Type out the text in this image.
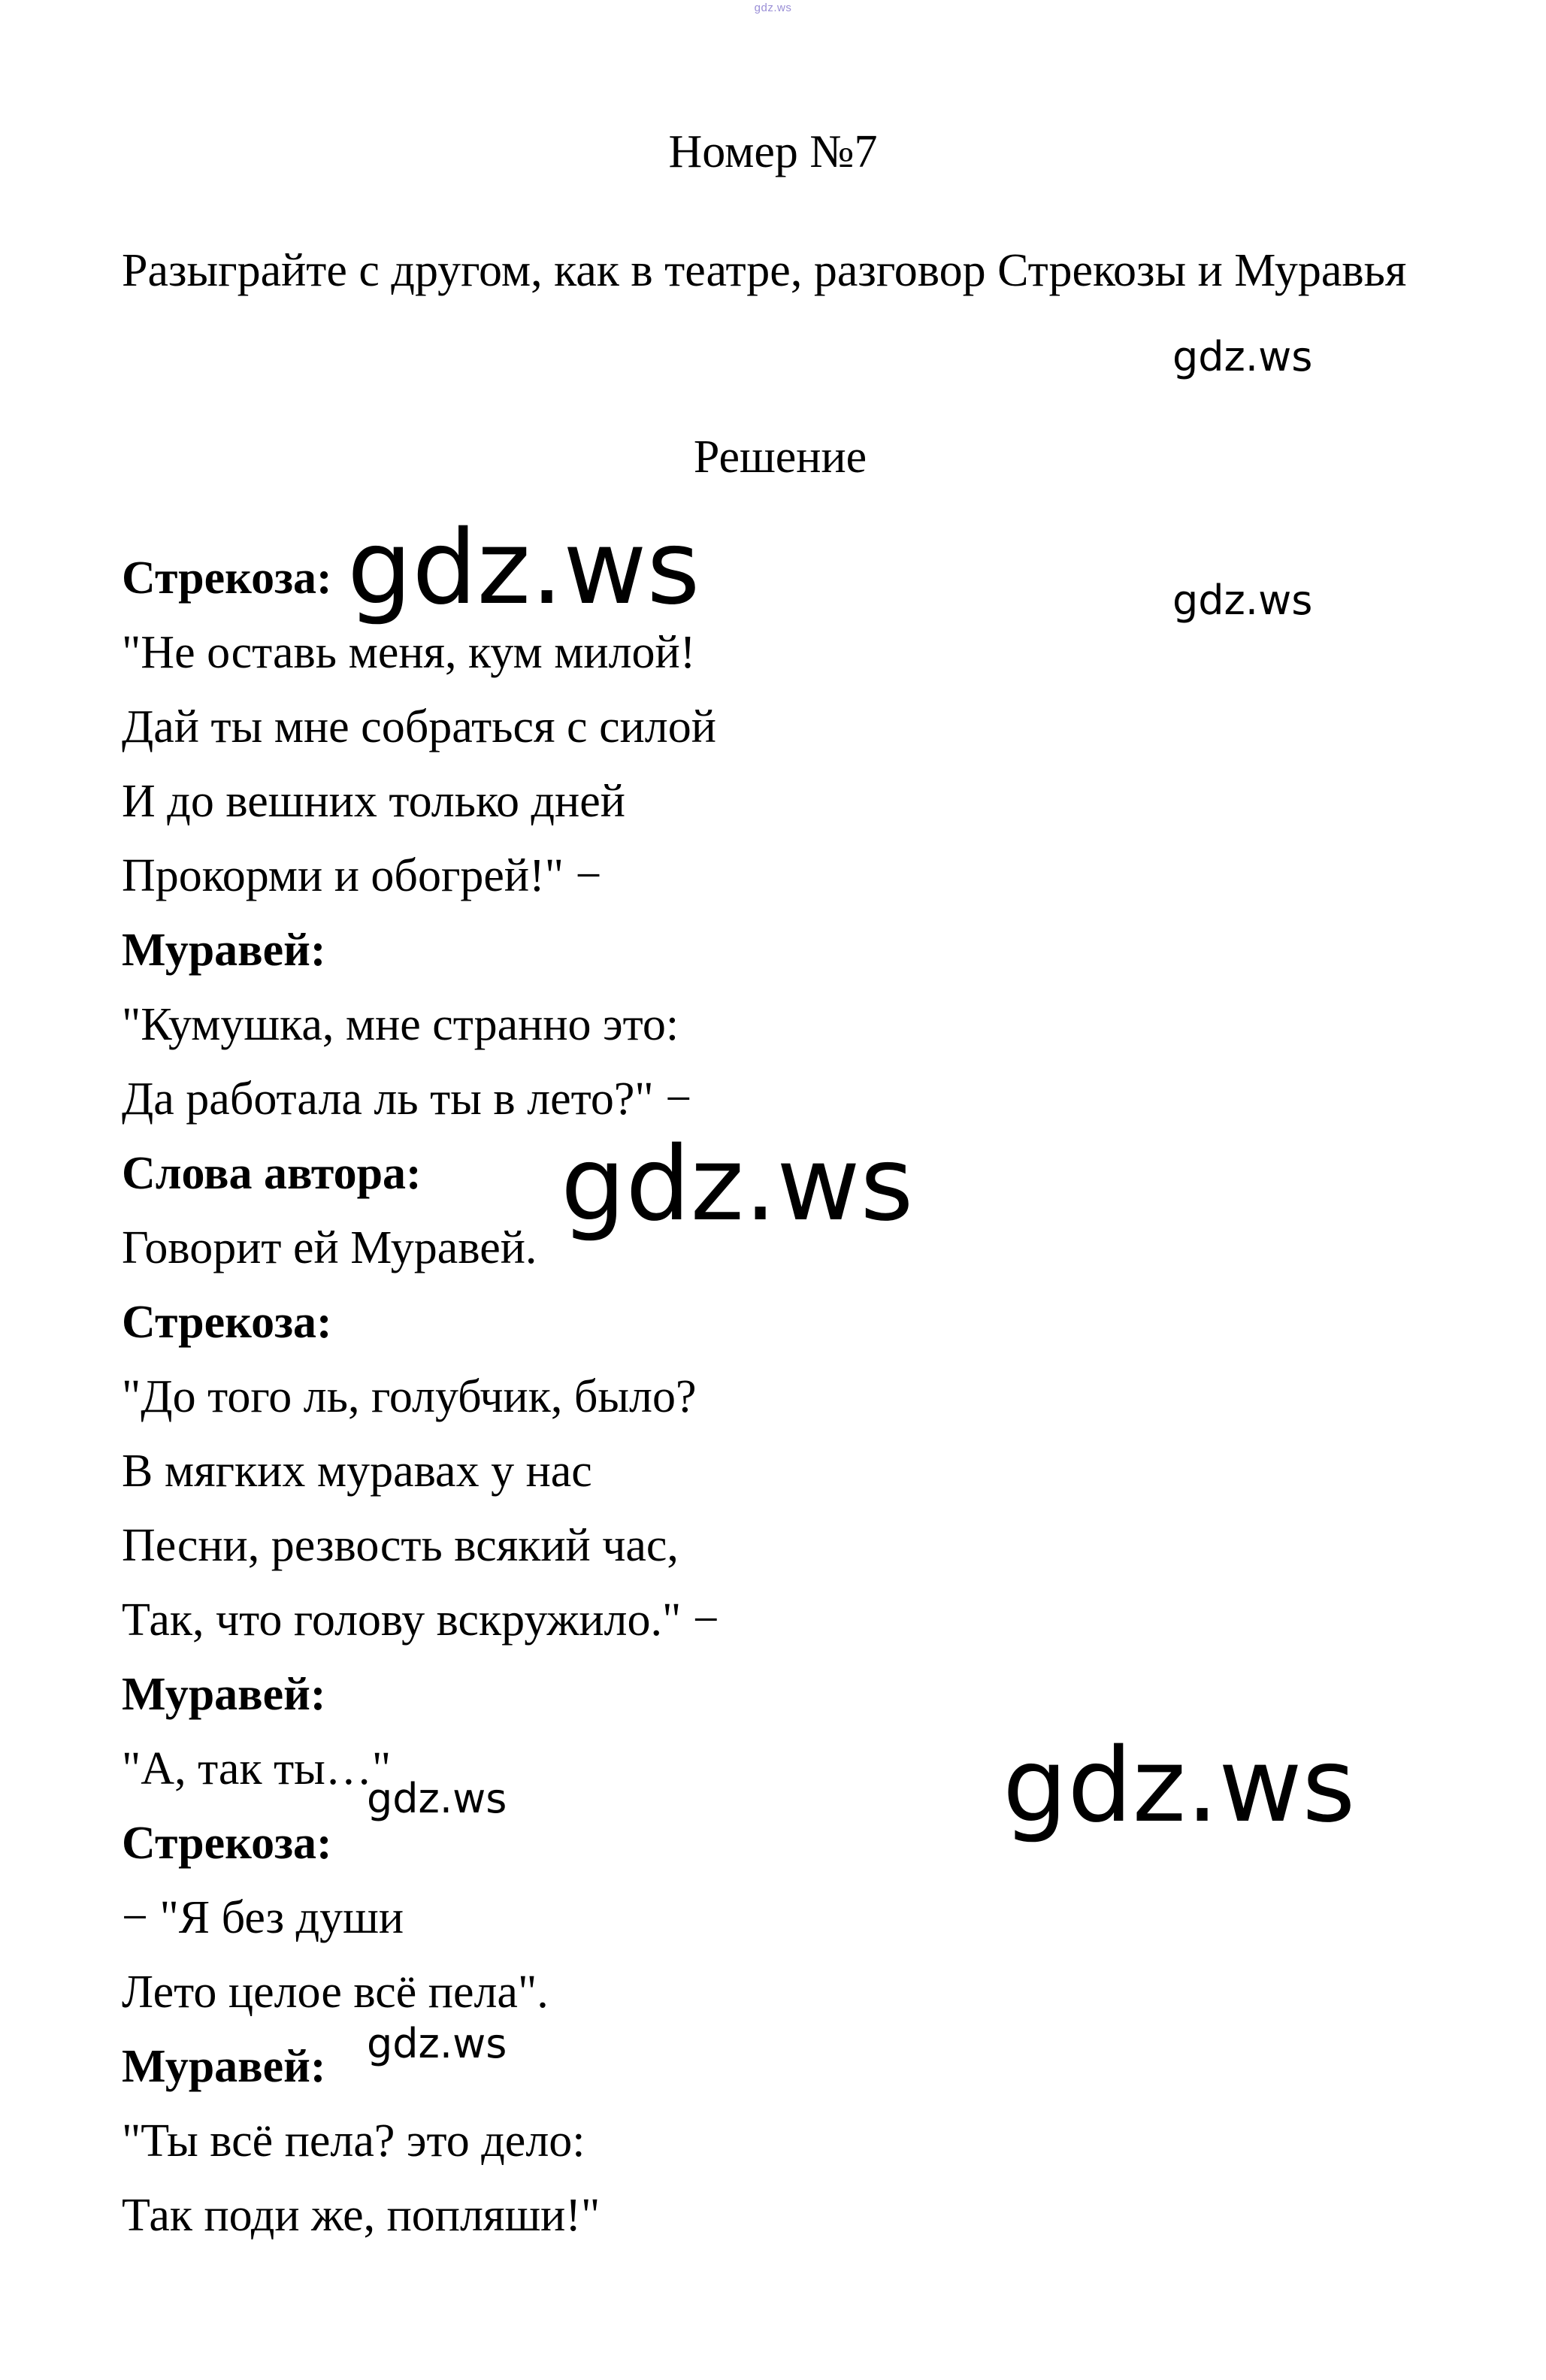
gdz.ws
Номер №7
Разыграйте с другом, как в театре, разговор Стрекозы и Муравья
Решение
Стрекоза:
"Не оставь меня, кум милой!
Дай ты мне собраться с силой
И до вешних только дней
Прокорми и обогрей!" −
Муравей:
"Кумушка, мне странно это:
Да работала ль ты в лето?" −
Слова автора:
Говорит ей Муравей.
Стрекоза:
"До того ль, голубчик, было?
В мягких муравах у нас
Песни, резвость всякий час,
Так, что голову вскружило." −
Муравей:
"А, так ты…"
Стрекоза:
− "Я без души
Лето целое всё пела".
Муравей:
"Ты всё пела? это дело:
Так поди же, попляши!"
gdz.ws
gdz.ws
gdz.ws
gdz.ws
gdz.ws
gdz.ws
gdz.ws
